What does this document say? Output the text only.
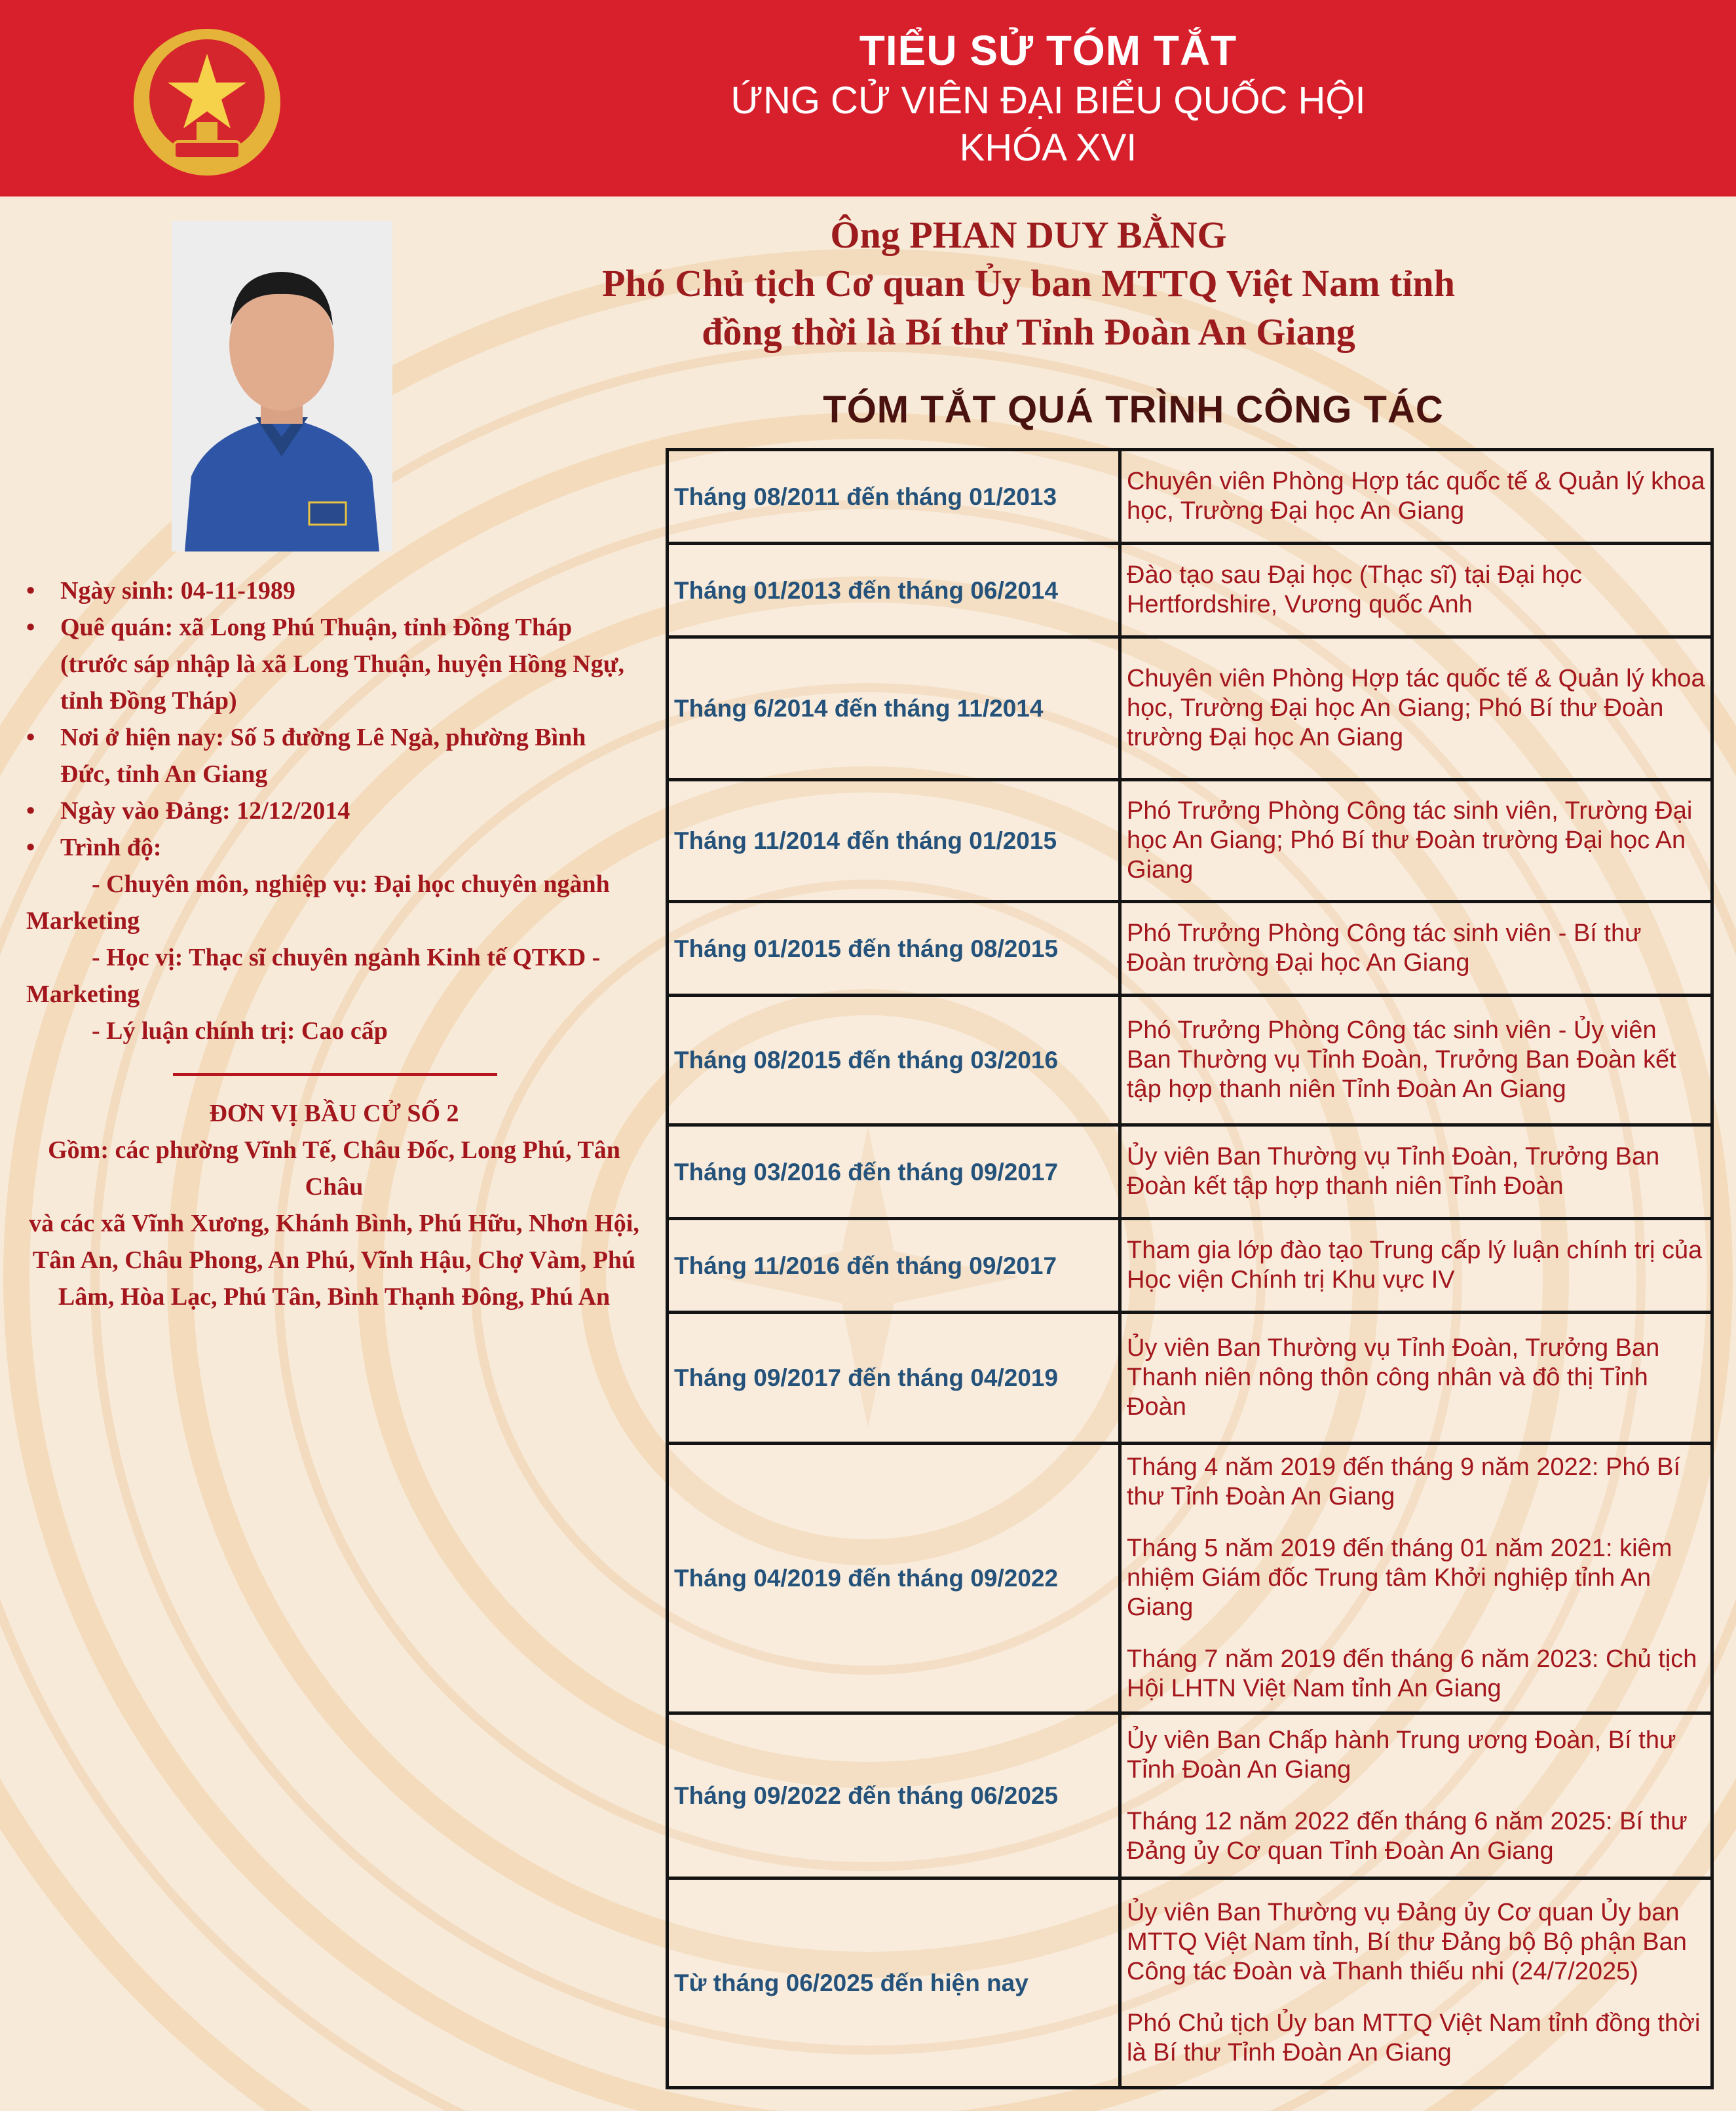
TIỂU SỬ TÓM TẮT
ỨNG CỬ VIÊN ĐẠI BIỂU QUỐC HỘI
KHÓA XVI
Ông PHAN DUY BẰNG
Phó Chủ tịch Cơ quan Ủy ban MTTQ Việt Nam tỉnh
đồng thời là Bí thư Tỉnh Đoàn An Giang
TÓM TẮT QUÁ TRÌNH CÔNG TÁC
• Ngày sinh: 04-11-1989
• Quê quán: xã Long Phú Thuận, tỉnh Đồng Tháp (trước sáp nhập là xã Long Thuận, huyện Hồng Ngự, tỉnh Đồng Tháp)
• Nơi ở hiện nay: Số 5 đường Lê Ngà, phường Bình Đức, tỉnh An Giang
• Ngày vào Đảng: 12/12/2014
• Trình độ:
- Chuyên môn, nghiệp vụ: Đại học chuyên ngành Marketing
- Học vị: Thạc sĩ chuyên ngành Kinh tế QTKD - Marketing
- Lý luận chính trị: Cao cấp
ĐƠN VỊ BẦU CỬ SỐ 2
Gồm: các phường Vĩnh Tế, Châu Đốc, Long Phú, Tân Châu
và các xã Vĩnh Xương, Khánh Bình, Phú Hữu, Nhơn Hội, Tân An, Châu Phong, An Phú, Vĩnh Hậu, Chợ Vàm, Phú Lâm, Hòa Lạc, Phú Tân, Bình Thạnh Đông, Phú An
Tháng 08/2011 đến tháng 01/2013	Chuyên viên Phòng Hợp tác quốc tế & Quản lý khoa học, Trường Đại học An Giang

Tháng 01/2013 đến tháng 06/2014	Đào tạo sau Đại học (Thạc sĩ) tại Đại học Hertfordshire, Vương quốc Anh

Tháng 6/2014 đến tháng 11/2014	Chuyên viên Phòng Hợp tác quốc tế & Quản lý khoa học, Trường Đại học An Giang; Phó Bí thư Đoàn trường Đại học An Giang

Tháng 11/2014 đến tháng 01/2015	Phó Trưởng Phòng Công tác sinh viên, Trường Đại học An Giang; Phó Bí thư Đoàn trường Đại học An Giang

Tháng 01/2015 đến tháng 08/2015	Phó Trưởng Phòng Công tác sinh viên - Bí thư Đoàn trường Đại học An Giang

Tháng 08/2015 đến tháng 03/2016	Phó Trưởng Phòng Công tác sinh viên - Ủy viên Ban Thường vụ Tỉnh Đoàn, Trưởng Ban Đoàn kết tập hợp thanh niên Tỉnh Đoàn An Giang

Tháng 03/2016 đến tháng 09/2017	Ủy viên Ban Thường vụ Tỉnh Đoàn, Trưởng Ban Đoàn kết tập hợp thanh niên Tỉnh Đoàn

Tháng 11/2016 đến tháng 09/2017	Tham gia lớp đào tạo Trung cấp lý luận chính trị của Học viện Chính trị Khu vực IV

Tháng 09/2017 đến tháng 04/2019	Ủy viên Ban Thường vụ Tỉnh Đoàn, Trưởng Ban Thanh niên nông thôn công nhân và đô thị Tỉnh Đoàn

Tháng 04/2019 đến tháng 09/2022	Tháng 4 năm 2019 đến tháng 9 năm 2022: Phó Bí thư Tỉnh Đoàn An Giang
Tháng 5 năm 2019 đến tháng 01 năm 2021: kiêm nhiệm Giám đốc Trung tâm Khởi nghiệp tỉnh An Giang
Tháng 7 năm 2019 đến tháng 6 năm 2023: Chủ tịch Hội LHTN Việt Nam tỉnh An Giang

Tháng 09/2022 đến tháng 06/2025	Ủy viên Ban Chấp hành Trung ương Đoàn, Bí thư Tỉnh Đoàn An Giang
Tháng 12 năm 2022 đến tháng 6 năm 2025: Bí thư Đảng ủy Cơ quan Tỉnh Đoàn An Giang

Từ tháng 06/2025 đến hiện nay	Ủy viên Ban Thường vụ Đảng ủy Cơ quan Ủy ban MTTQ Việt Nam tỉnh, Bí thư Đảng bộ Bộ phận Ban Công tác Đoàn và Thanh thiếu nhi (24/7/2025)
Phó Chủ tịch Ủy ban MTTQ Việt Nam tỉnh đồng thời là Bí thư Tỉnh Đoàn An Giang
